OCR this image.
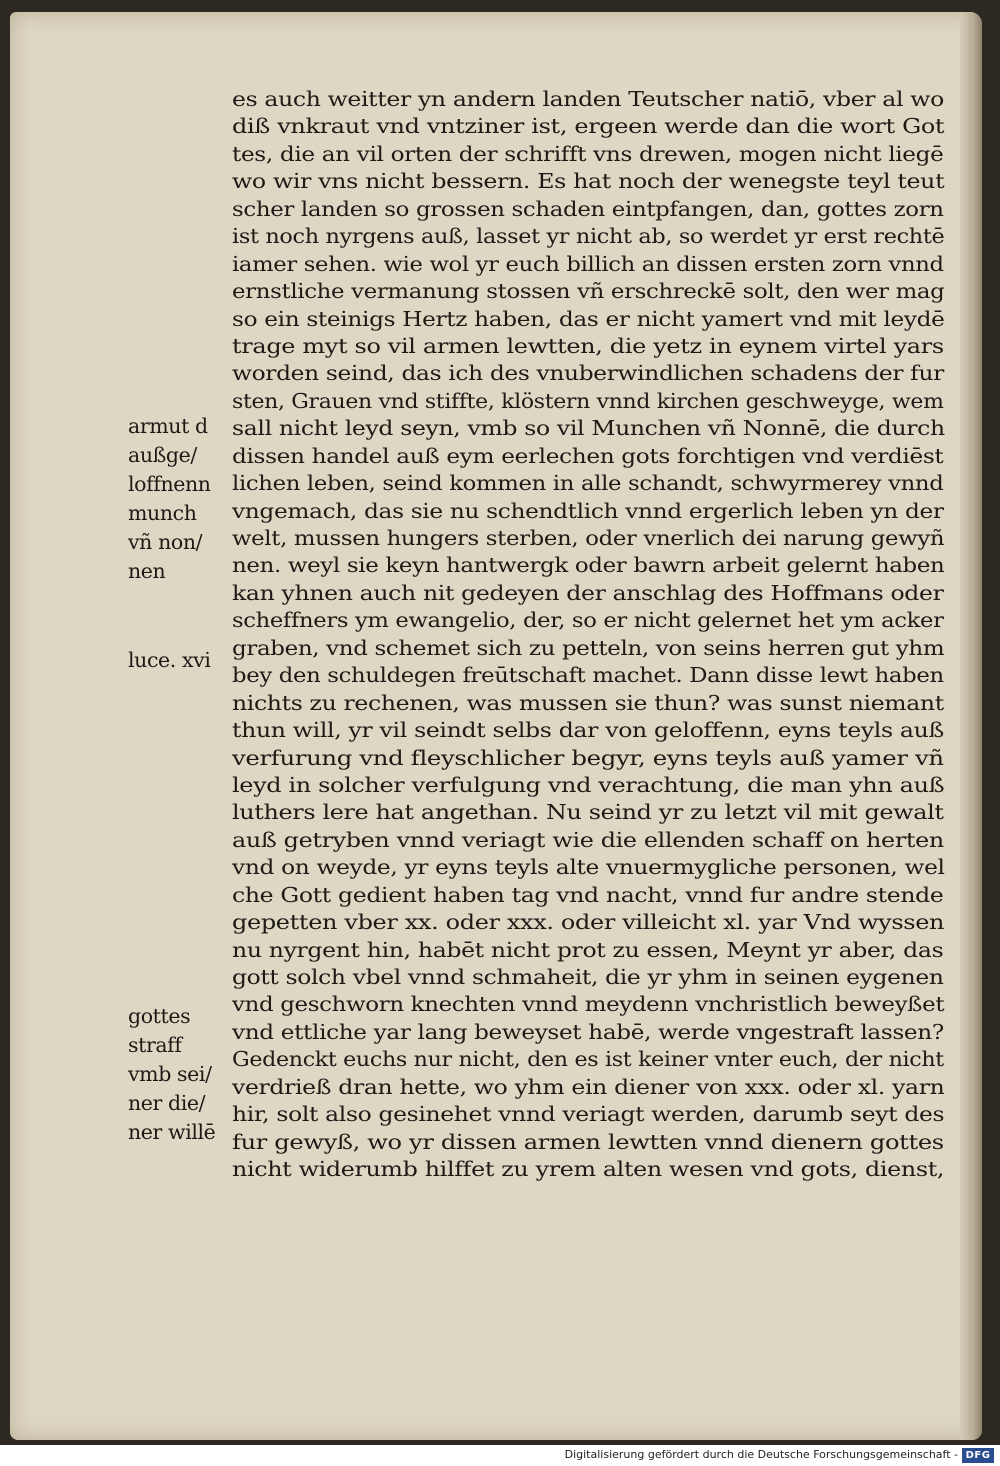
es auch weitter yn andern landen Teutscher natiō, vber al wo
diß vnkraut vnd vntziner ist, ergeen werde dan die wort Got
tes, die an vil orten der schrifft vns drewen, mogen nicht liegē
wo wir vns nicht bessern. Es hat noch der wenegste teyl teut
scher landen so grossen schaden eintpfangen, dan, gottes zorn
ist noch nyrgens auß, lasset yr nicht ab, so werdet yr erst rechtē
iamer sehen. wie wol yr euch billich an dissen ersten zorn vnnd
ernstliche vermanung stossen vñ erschreckē solt, den wer mag
so ein steinigs Hertz haben, das er nicht yamert vnd mit leydē
trage myt so vil armen lewtten, die yetz in eynem virtel yars
worden seind, das ich des vnuberwindlichen schadens der fur
sten, Grauen vnd stiffte, klöstern vnnd kirchen geschweyge, wem
sall nicht leyd seyn, vmb so vil Munchen vñ Nonnē, die durch
dissen handel auß eym eerlechen gots forchtigen vnd verdiēst
lichen leben, seind kommen in alle schandt, schwyrmerey vnnd
vngemach, das sie nu schendtlich vnnd ergerlich leben yn der
welt, mussen hungers sterben, oder vnerlich dei narung gewyñ
nen. weyl sie keyn hantwergk oder bawrn arbeit gelernt haben
kan yhnen auch nit gedeyen der anschlag des Hoffmans oder
scheffners ym ewangelio, der, so er nicht gelernet het ym acker
graben, vnd schemet sich zu petteln, von seins herren gut yhm
bey den schuldegen freūtschaft machet. Dann disse lewt haben
nichts zu rechenen, was mussen sie thun? was sunst niemant
thun will, yr vil seindt selbs dar von geloffenn, eyns teyls auß
verfurung vnd fleyschlicher begyr, eyns teyls auß yamer vñ
leyd in solcher verfulgung vnd verachtung, die man yhn auß
luthers lere hat angethan. Nu seind yr zu letzt vil mit gewalt
auß getryben vnnd veriagt wie die ellenden schaff on herten
vnd on weyde, yr eyns teyls alte vnuermygliche personen, wel
che Gott gedient haben tag vnd nacht, vnnd fur andre stende
gepetten vber xx. oder xxx. oder villeicht xl. yar Vnd wyssen
nu nyrgent hin, habēt nicht prot zu essen, Meynt yr aber, das
gott solch vbel vnnd schmaheit, die yr yhm in seinen eygenen
vnd geschworn knechten vnnd meydenn vnchristlich beweyßet
vnd ettliche yar lang beweyset habē, werde vngestraft lassen?
Gedenckt euchs nur nicht, den es ist keiner vnter euch, der nicht
verdrieß dran hette, wo yhm ein diener von xxx. oder xl. yarn
hir, solt also gesinehet vnnd veriagt werden, darumb seyt des
fur gewyß, wo yr dissen armen lewtten vnnd dienern gottes
nicht widerumb hilffet zu yrem alten wesen vnd gots, dienst,
armut d
außge/
loffnenn
munch
vñ non/
nen
luce. xvi
gottes
straff
vmb sei/
ner die/
ner willē
Digitalisierung gefördert durch die Deutsche Forschungsgemeinschaft - DFG
